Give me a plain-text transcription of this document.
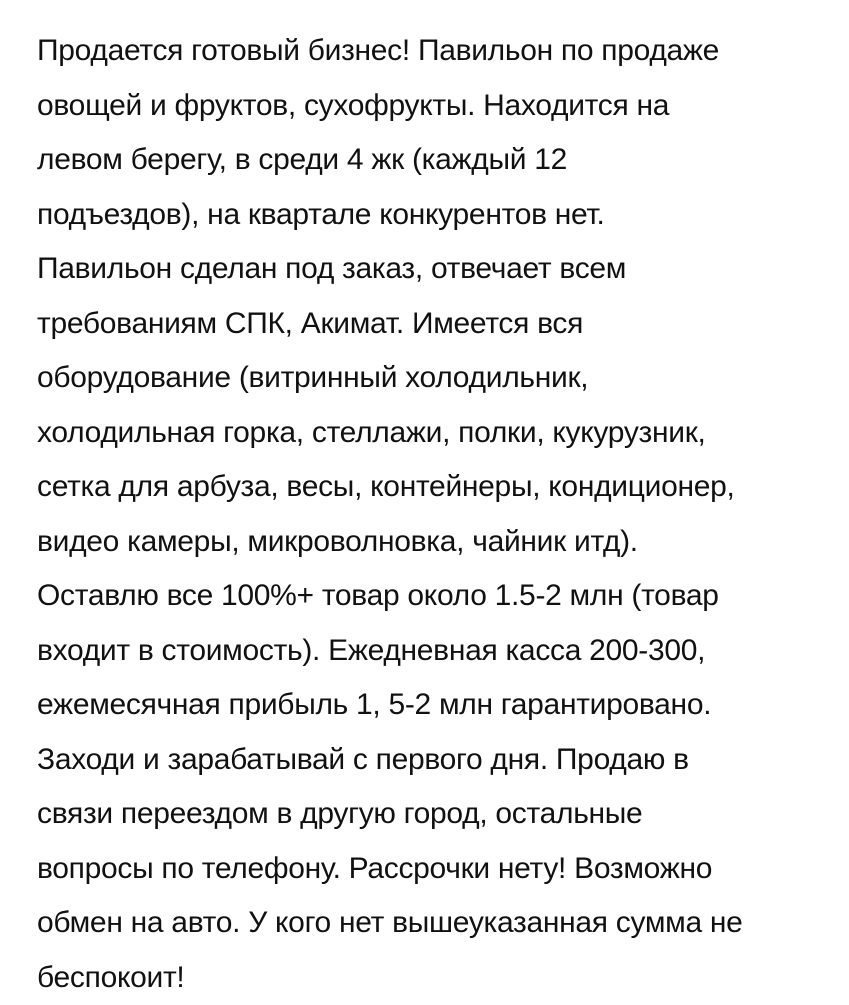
Продается готовый бизнес! Павильон по продаже
овощей и фруктов, сухофрукты. Находится на
левом берегу, в среди 4 жк (каждый 12
подъездов), на квартале конкурентов нет.
Павильон сделан под заказ, отвечает всем
требованиям СПК, Акимат. Имеется вся
оборудование (витринный холодильник,
холодильная горка, стеллажи, полки, кукурузник,
сетка для арбуза, весы, контейнеры, кондиционер,
видео камеры, микроволновка, чайник итд).
Оставлю все 100%+ товар около 1.5-2 млн (товар
входит в стоимость). Ежедневная касса 200-300,
ежемесячная прибыль 1, 5-2 млн гарантировано.
Заходи и зарабатывай с первого дня. Продаю в
связи переездом в другую город, остальные
вопросы по телефону. Рассрочки нету! Возможно
обмен на авто. У кого нет вышеуказанная сумма не
беспокоит!
